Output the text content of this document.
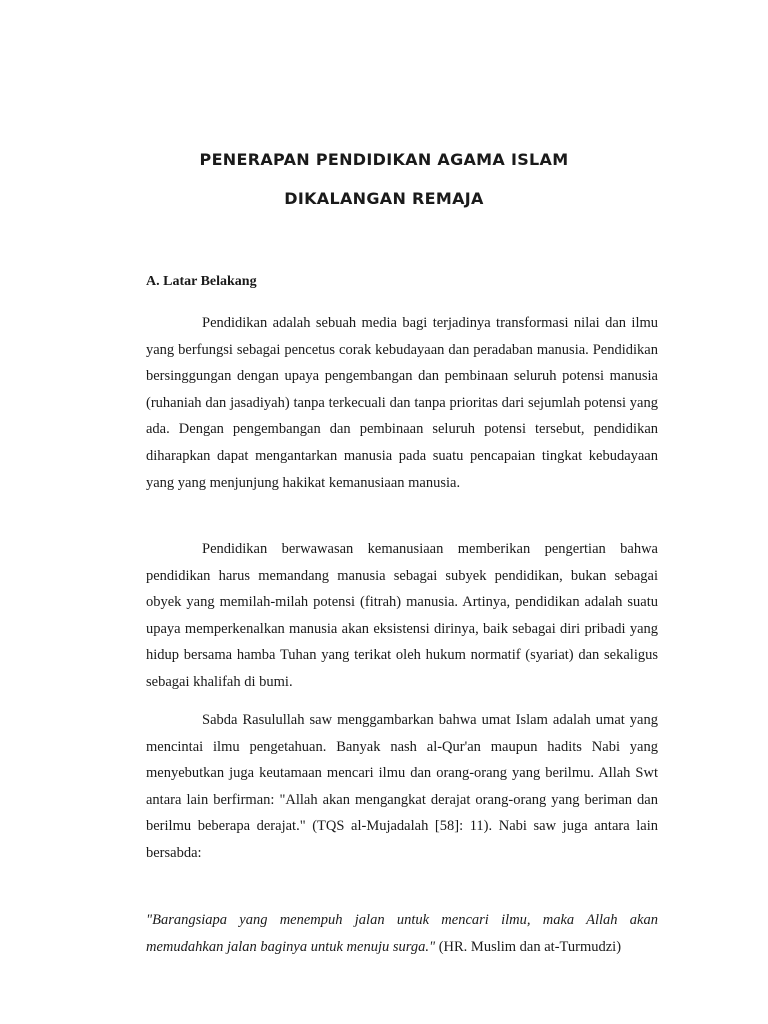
PENERAPAN PENDIDIKAN AGAMA ISLAM
DIKALANGAN REMAJA
A. Latar Belakang

Pendidikan adalah sebuah media bagi terjadinya transformasi nilai dan ilmu yang berfungsi sebagai pencetus corak kebudayaan dan peradaban manusia. Pendidikan bersinggungan dengan upaya pengembangan dan pembinaan seluruh potensi manusia (ruhaniah dan jasadiyah) tanpa terkecuali dan tanpa prioritas dari sejumlah potensi yang ada. Dengan pengembangan dan pembinaan seluruh potensi tersebut, pendidikan diharapkan dapat mengantarkan manusia pada suatu pencapaian tingkat kebudayaan yang yang menjunjung hakikat kemanusiaan manusia.

Pendidikan berwawasan kemanusiaan memberikan pengertian bahwa pendidikan harus memandang manusia sebagai subyek pendidikan, bukan sebagai obyek yang memilah-milah potensi (fitrah) manusia. Artinya, pendidikan adalah suatu upaya memperkenalkan manusia akan eksistensi dirinya, baik sebagai diri pribadi yang hidup bersama hamba Tuhan yang terikat oleh hukum normatif (syariat) dan sekaligus sebagai khalifah di bumi.

Sabda Rasulullah saw menggambarkan bahwa umat Islam adalah umat yang mencintai ilmu pengetahuan. Banyak nash al-Qur'an maupun hadits Nabi yang menyebutkan juga keutamaan mencari ilmu dan orang-orang yang berilmu. Allah Swt antara lain berfirman: "Allah akan mengangkat derajat orang-orang yang beriman dan berilmu beberapa derajat." (TQS al-Mujadalah [58]: 11). Nabi saw juga antara lain bersabda:

"Barangsiapa yang menempuh jalan untuk mencari ilmu, maka Allah akan memudahkan jalan baginya untuk menuju surga." (HR. Muslim dan at-Turmudzi)
